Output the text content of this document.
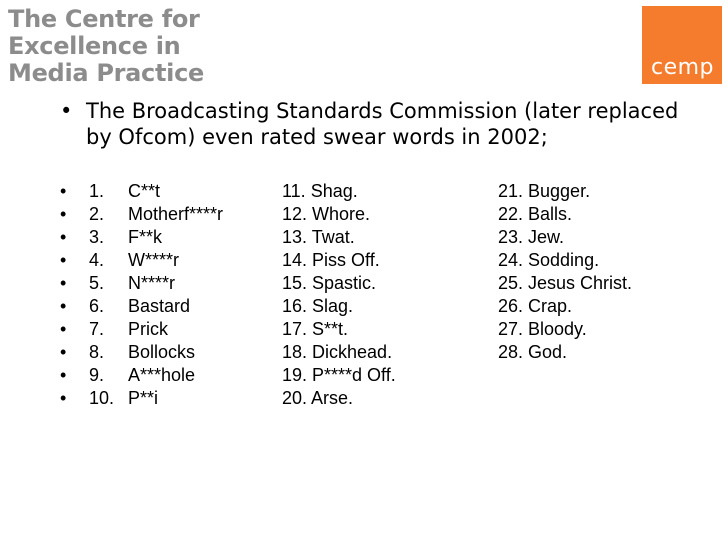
The Centre for
Excellence in
Media Practice	cemp
• The Broadcasting Standards Commission (later replaced by Ofcom) even rated swear words in 2002;
• 1. C**t	11. Shag.	21. Bugger.
• 2. Motherf****r	12. Whore.	22. Balls.
• 3. F**k	13. Twat.	23. Jew.
• 4. W****r	14. Piss Off.	24. Sodding.
• 5. N****r	15. Spastic.	25. Jesus Christ.
• 6. Bastard	16. Slag.	26. Crap.
• 7. Prick	17. S**t.	27. Bloody.
• 8. Bollocks	18. Dickhead.	28. God.
• 9. A***hole	19. P****d Off.
• 10. P**i	20. Arse.
